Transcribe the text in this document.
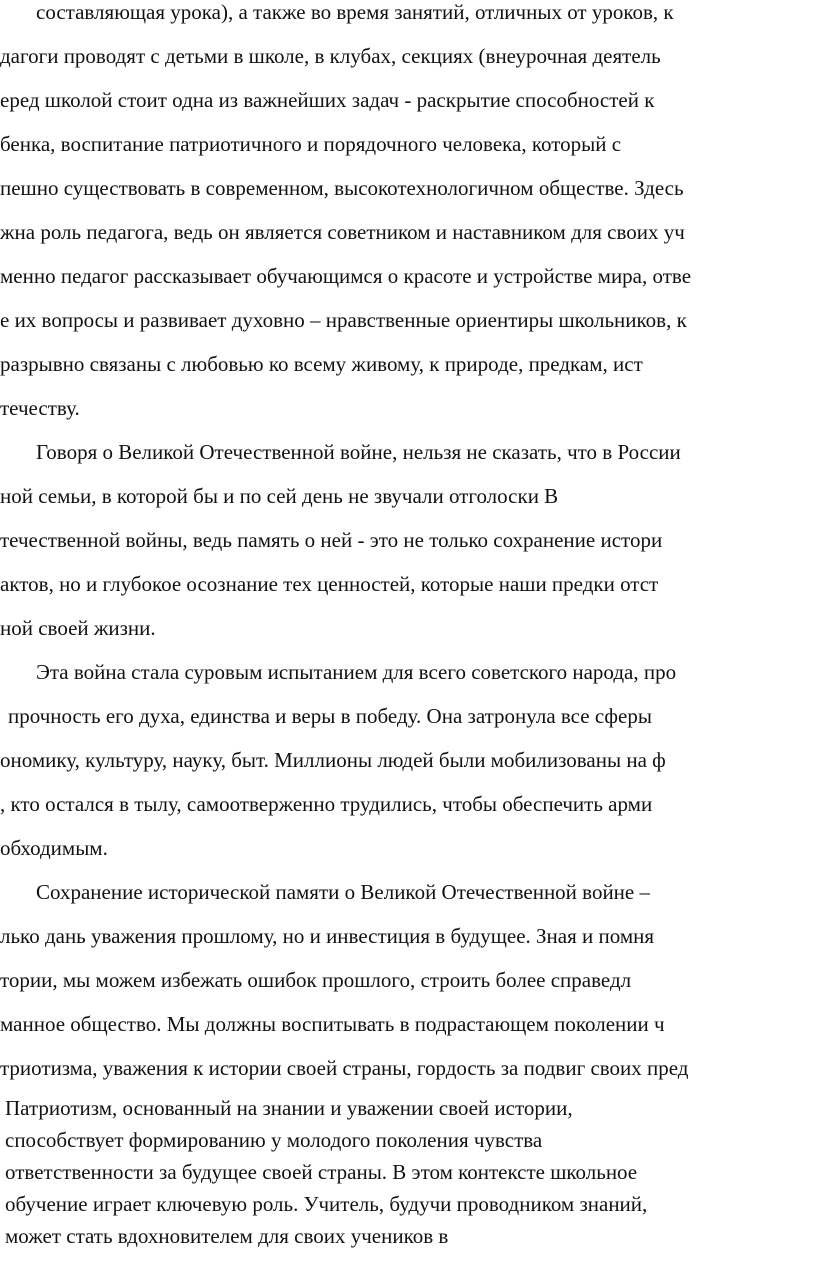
составляющая урока), а также во время занятий, отличных от уроков, к
дагоги проводят с детьми в школе, в клубах, секциях (внеурочная деятель
еред школой стоит одна из важнейших задач - раскрытие способностей к
бенка, воспитание патриотичного и порядочного человека, который с
пешно существовать в современном, высокотехнологичном обществе. Здесь
жна роль педагога, ведь он является советником и наставником для своих уч
менно педагог рассказывает обучающимся о красоте и устройстве мира, отве
е их вопросы и развивает духовно – нравственные ориентиры школьников, к
разрывно связаны с любовью ко всему живому, к природе, предкам, ист
течеству.
Говоря о Великой Отечественной войне, нельзя не сказать, что в России
ной семьи, в которой бы и по сей день не звучали отголоски В
течественной войны, ведь память о ней - это не только сохранение истори
актов, но и глубокое осознание тех ценностей, которые наши предки отст
ной своей жизни.
Эта война стала суровым испытанием для всего советского народа, про
прочность его духа, единства и веры в победу. Она затронула все сферы
ономику, культуру, науку, быт. Миллионы людей были мобилизованы на ф
, кто остался в тылу, самоотверженно трудились, чтобы обеспечить арми
обходимым.
Сохранение исторической памяти о Великой Отечественной войне –
лько дань уважения прошлому, но и инвестиция в будущее. Зная и помня
тории, мы можем избежать ошибок прошлого, строить более справедл
манное общество. Мы должны воспитывать в подрастающем поколении ч
триотизма, уважения к истории своей страны, гордость за подвиг своих пред
Патриотизм, основанный на знании и уважении своей истории,
способствует формированию у молодого поколения чувства
ответственности за будущее своей страны. В этом контексте школьное
обучение играет ключевую роль. Учитель, будучи проводником знаний,
может стать вдохновителем для своих учеников в
